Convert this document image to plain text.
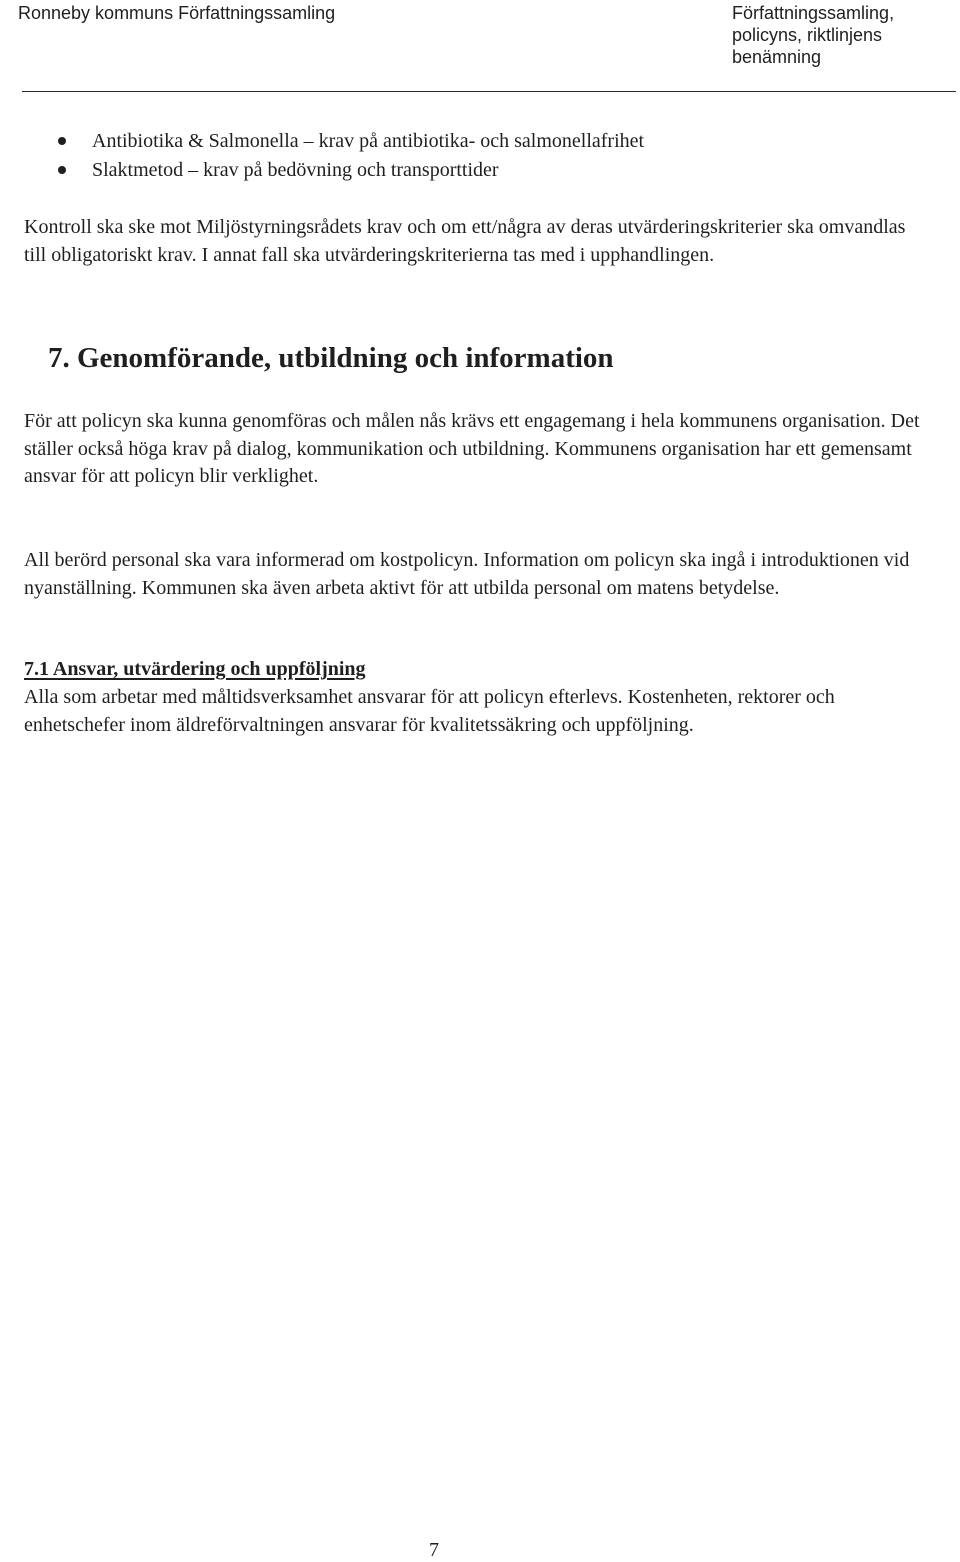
Ronneby kommuns Författningssamling	Författningssamling, policyns, riktlinjens benämning
Antibiotika & Salmonella – krav på antibiotika- och salmonellafrihet
Slaktmetod – krav på bedövning och transporttider

Kontroll ska ske mot Miljöstyrningsrådets krav och om ett/några av deras utvärderingskriterier ska omvandlas till obligatoriskt krav. I annat fall ska utvärderingskriterierna tas med i upphandlingen.

7. Genomförande, utbildning och information

För att policyn ska kunna genomföras och målen nås krävs ett engagemang i hela kommunens organisation. Det ställer också höga krav på dialog, kommunikation och utbildning. Kommunens organisation har ett gemensamt ansvar för att policyn blir verklighet.

All berörd personal ska vara informerad om kostpolicyn. Information om policyn ska ingå i introduktionen vid nyanställning. Kommunen ska även arbeta aktivt för att utbilda personal om matens betydelse.

7.1 Ansvar, utvärdering och uppföljning

Alla som arbetar med måltidsverksamhet ansvarar för att policyn efterlevs. Kostenheten, rektorer och enhetschefer inom äldreförvaltningen ansvarar för kvalitetssäkring och uppföljning.

7
